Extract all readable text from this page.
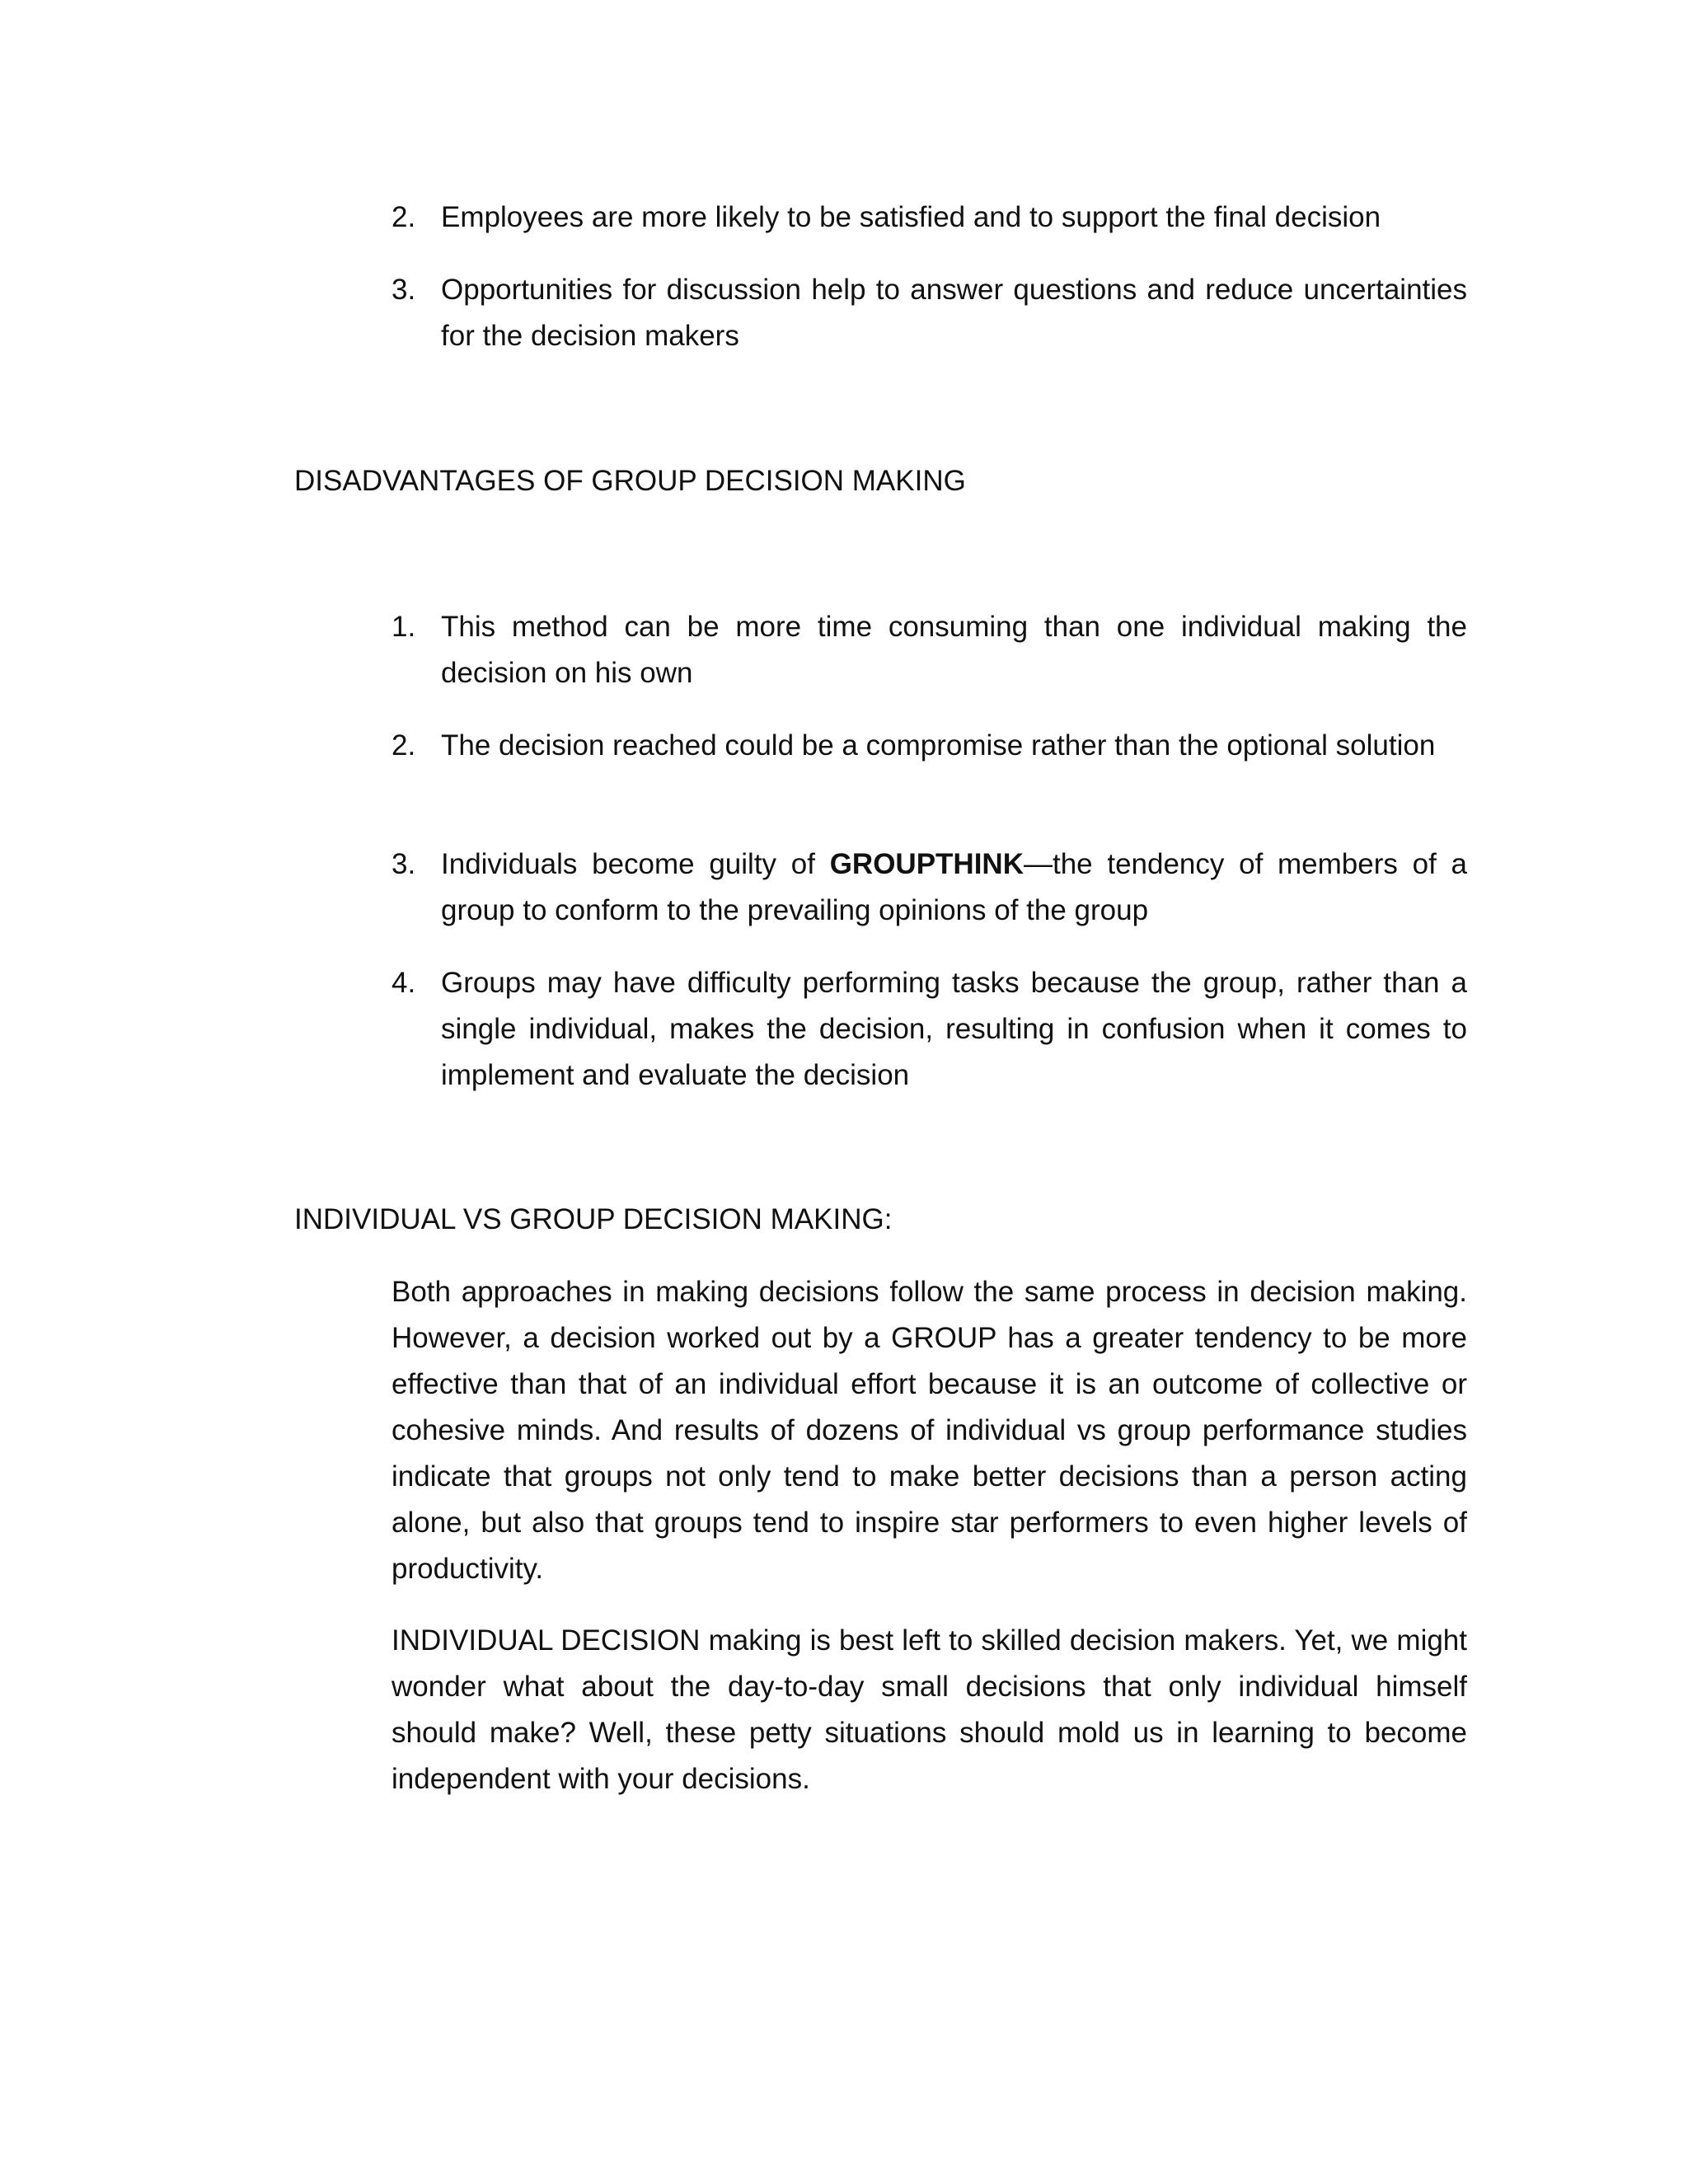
2. Employees are more likely to be satisfied and to support the final decision
3. Opportunities for discussion help to answer questions and reduce uncertainties for the decision makers
DISADVANTAGES OF GROUP DECISION MAKING
1. This method can be more time consuming than one individual making the decision on his own
2. The decision reached could be a compromise rather than the optional solution
3. Individuals become guilty of GROUPTHINK—the tendency of members of a group to conform to the prevailing opinions of the group
4. Groups may have difficulty performing tasks because the group, rather than a single individual, makes the decision, resulting in confusion when it comes to implement and evaluate the decision
INDIVIDUAL VS GROUP DECISION MAKING:

Both approaches in making decisions follow the same process in decision making. However, a decision worked out by a GROUP has a greater tendency to be more effective than that of an individual effort because it is an outcome of collective or cohesive minds. And results of dozens of individual vs group performance studies indicate that groups not only tend to make better decisions than a person acting alone, but also that groups tend to inspire star performers to even higher levels of productivity.

INDIVIDUAL DECISION making is best left to skilled decision makers. Yet, we might wonder what about the day-to-day small decisions that only individual himself should make? Well, these petty situations should mold us in learning to become independent with your decisions.
